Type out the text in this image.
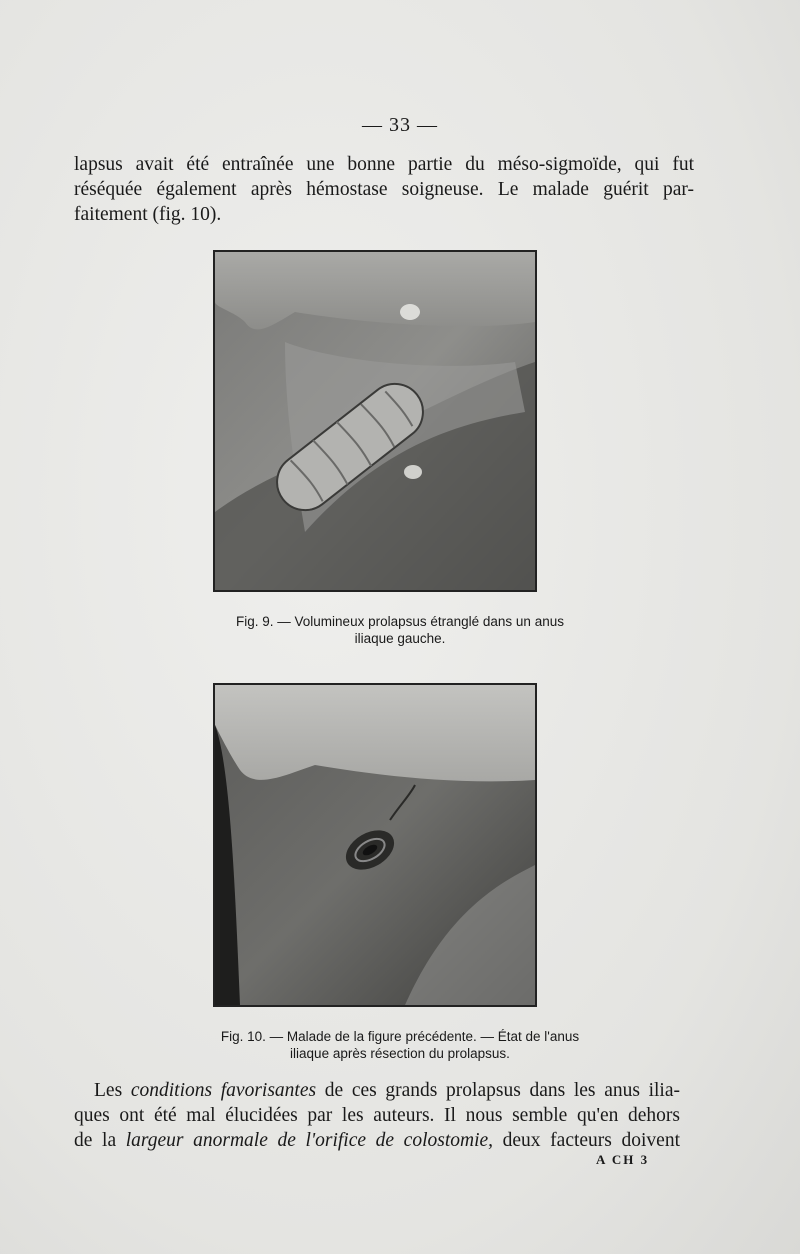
— 33 —
lapsus avait été entraînée une bonne partie du méso-sigmoïde, qui fut
réséquée également après hémostase soigneuse. Le malade guérit par-
faitement (fig. 10).
Fig. 9. — Volumineux prolapsus étranglé dans un anus
iliaque gauche.
Fig. 10. — Malade de la figure précédente. — État de l'anus
iliaque après résection du prolapsus.
Les conditions favorisantes de ces grands prolapsus dans les anus ilia-
ques ont été mal élucidées par les auteurs. Il nous semble qu'en dehors
de la largeur anormale de l'orifice de colostomie, deux facteurs doivent
A CH 3
